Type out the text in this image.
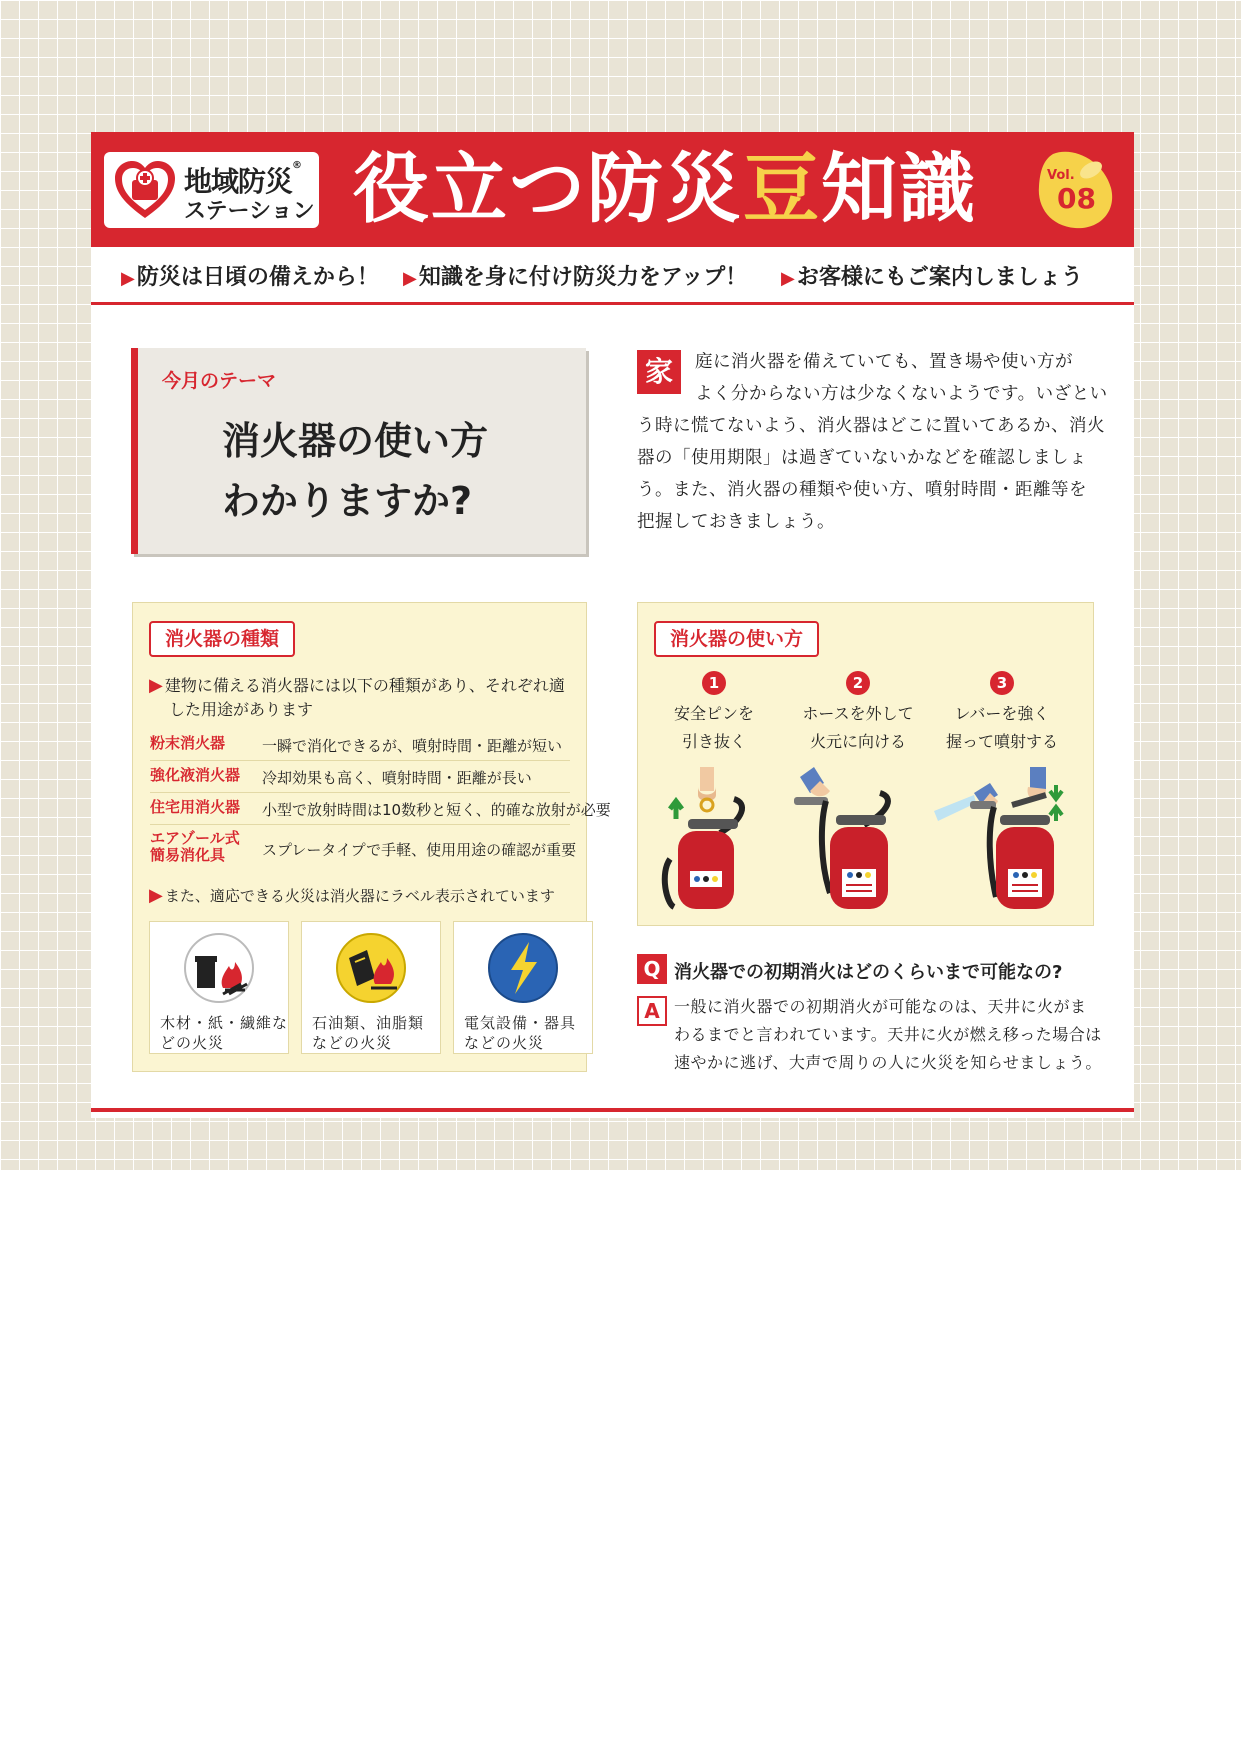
地域防災®
ステーション 役立つ防災豆知識	Vol.
08
▶防災は日頃の備えから！ ▶知識を身に付け防災力をアップ！ ▶お客様にもご案内しましょう
今月のテーマ
消火器の使い方
わかりますか?
家	庭に消火器を備えていても、置き場や使い方が
よく分からない方は少なくないようです。いざとい
う時に慌てないよう、消火器はどこに置いてあるか、消火
器の「使用期限」は過ぎていないかなどを確認しましょ
う。また、消火器の種類や使い方、噴射時間・距離等を
把握しておきましょう。
消火器の種類
▶ 建物に備える消火器には以下の種類があり、それぞれ適
した用途があります
粉末消火器 一瞬で消化できるが、噴射時間・距離が短い
強化液消火器 冷却効果も高く、噴射時間・距離が長い
住宅用消火器 小型で放射時間は10数秒と短く、的確な放射が必要
エアゾール式
簡易消化具 スプレータイプで手軽、使用用途の確認が重要
▶ また、適応できる火災は消火器にラベル表示されています
木材・紙・繊維な
どの火災
石油類、油脂類
などの火災
電気設備・器具
などの火災
消火器の使い方
1
安全ピンを
引き抜く
2
ホースを外して
火元に向ける
3
レバーを強く
握って噴射する
Q 消火器での初期消火はどのくらいまで可能なの?
A 一般に消火器での初期消火が可能なのは、天井に火がま
わるまでと言われています。天井に火が燃え移った場合は
速やかに逃げ、大声で周りの人に火災を知らせましょう。
